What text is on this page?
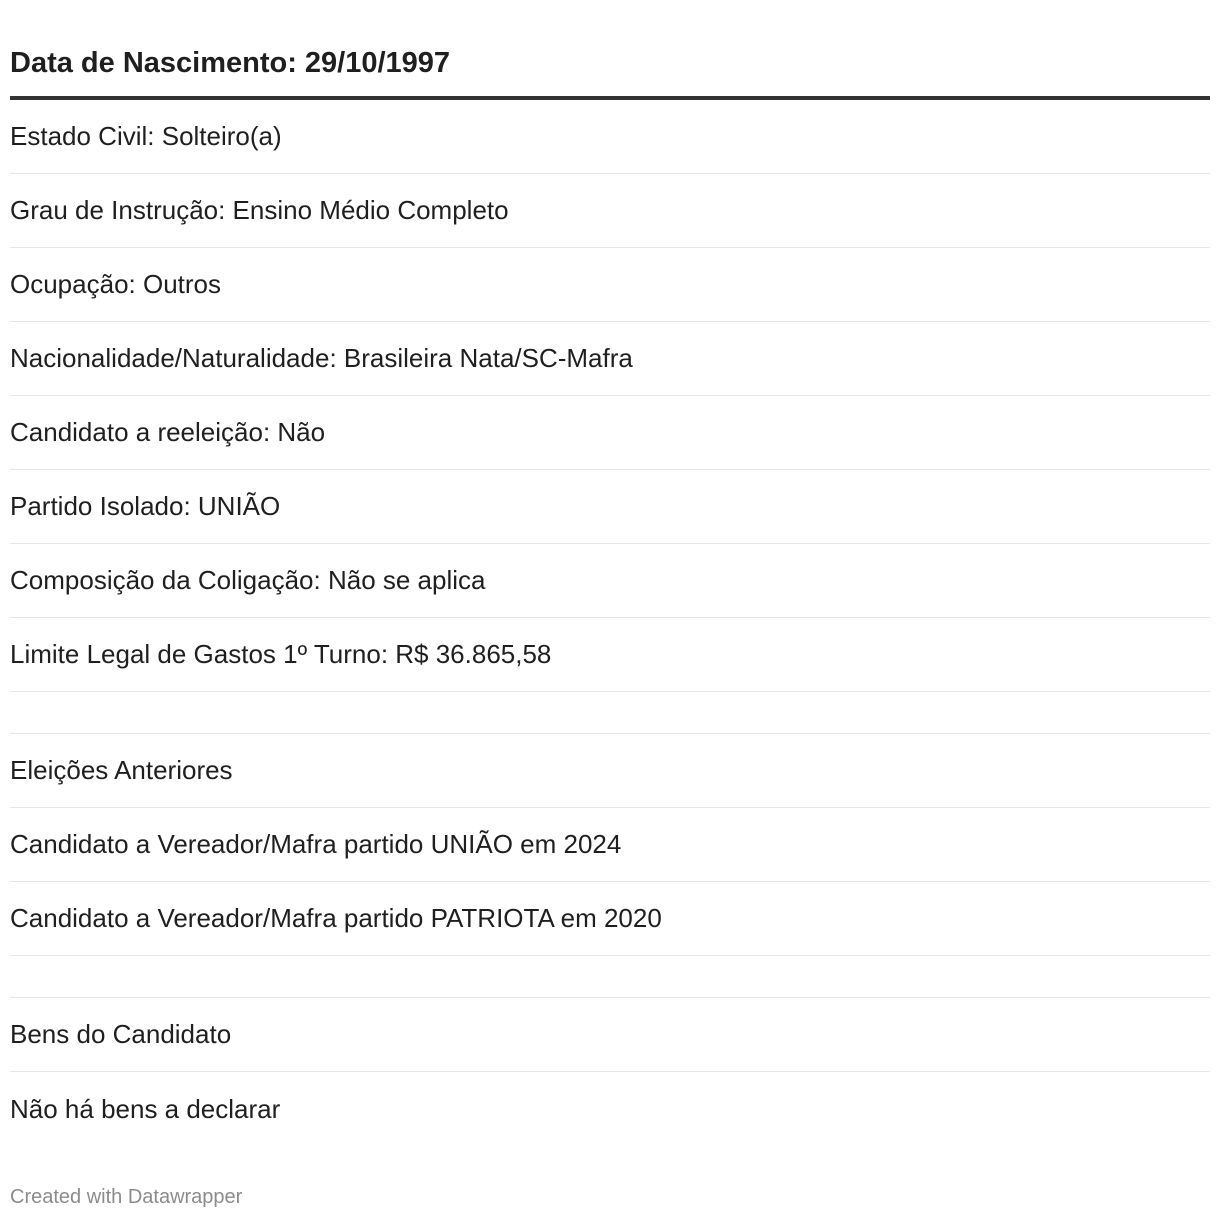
Data de Nascimento: 29/10/1997
Estado Civil: Solteiro(a)
Grau de Instrução: Ensino Médio Completo
Ocupação: Outros
Nacionalidade/Naturalidade: Brasileira Nata/SC-Mafra
Candidato a reeleição: Não
Partido Isolado: UNIÃO
Composição da Coligação: Não se aplica
Limite Legal de Gastos 1º Turno: R$ 36.865,58
Eleições Anteriores
Candidato a Vereador/Mafra partido UNIÃO em 2024
Candidato a Vereador/Mafra partido PATRIOTA em 2020
Bens do Candidato
Não há bens a declarar
Created with Datawrapper
